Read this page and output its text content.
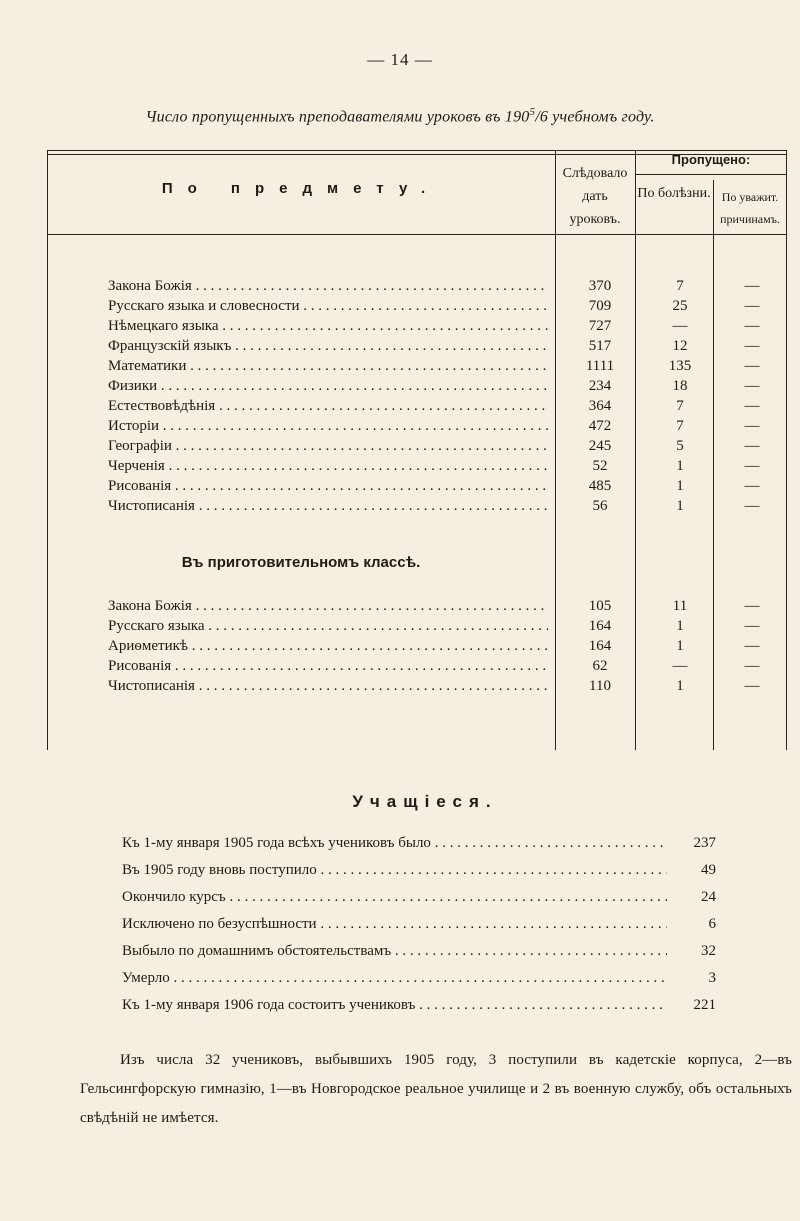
— 14 —
Число пропущенныхъ преподавателями уроковъ въ $190^5/6$ учебномъ году.
По предмету.
Слѣдовало дать уроковъ.
Пропущено:
По болѣзни. По уважит. причинамъ.
Закона Божія . . .	370	7	—
Русскаго языка и словесности . . .	709	25	—
Нѣмецкаго языка . . .	727	—	—
Французскій языкъ . . .	517	12	—
Математики . . .	1111	135	—
Физики . . .	234	18	—
Естествовѣдѣнія . . .	364	7	—
Исторіи . . .	472	7	—
Географіи . . .	245	5	—
Черченія . . .	52	1	—
Рисованія . . .	485	1	—
Чистописанія . . .	56	1	—
Въ приготовительномъ классѣ.
Закона Божія . . .	105	11	—
Русскаго языка . . .	164	1	—
Ариѳметикѣ . . .	164	1	—
Рисованія . . .	62	—	—
Чистописанія . . .	110	1	—
Учащіеся.
Къ 1-му января 1905 года всѣхъ учениковъ было . . .	237
Въ 1905 году вновь поступило . . .	49
Окончило курсъ . . .	24
Исключено по безуспѣшности . . .	6
Выбыло по домашнимъ обстоятельствамъ . . .	32
Умерло . . .	3
Къ 1-му января 1906 года состоитъ учениковъ . . .	221
Изъ числа 32 учениковъ, выбывшихъ 1905 году, 3 поступили въ кадетскіе корпуса, 2—въ Гельсингфорскую гимназію, 1—въ Новгородское реальное училище и 2 въ военную службу, объ остальныхъ свѣдѣній не имѣется.
